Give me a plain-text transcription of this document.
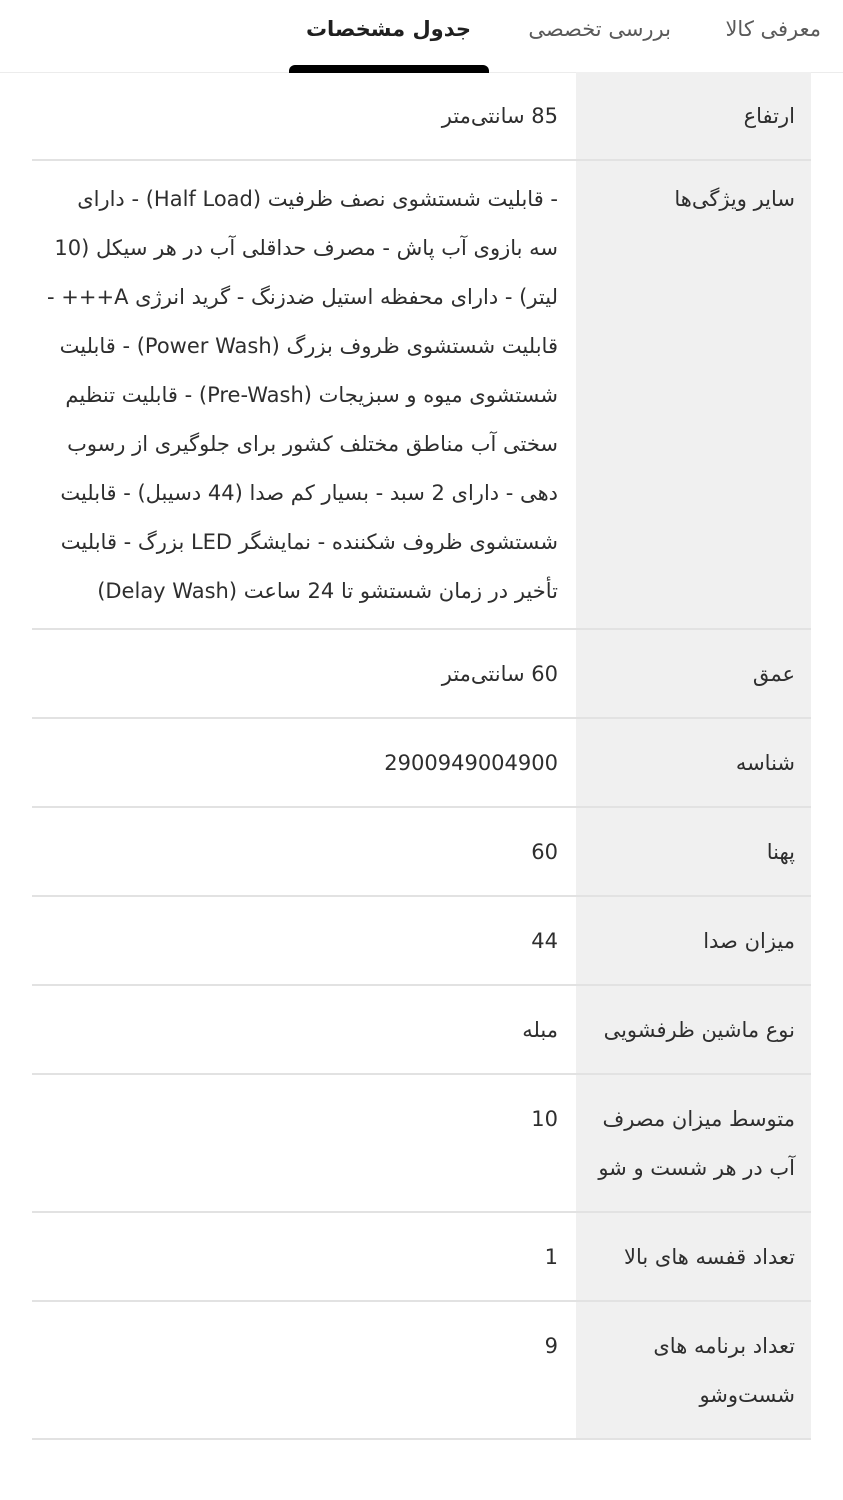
معرفی کالا
بررسی تخصصی
جدول مشخصات
ارتفاع
85 سانتی‌متر
سایر ویژگی‌ها
- قابلیت شستشوی نصف ظرفیت (Half Load) - دارای سه بازوی آب پاش - مصرف حداقلی آب در هر سیکل (10 لیتر) - دارای محفظه استیل ضدزنگ - گرید انرژی A+++ - قابلیت شستشوی ظروف بزرگ (Power Wash) - قابلیت شستشوی میوه و سبزیجات (Pre-Wash) - قابلیت تنظیم سختی آب مناطق مختلف کشور برای جلوگیری از رسوب دهی - دارای 2 سبد - بسیار کم صدا (44 دسیبل) - قابلیت شستشوی ظروف شکننده - نمایشگر LED بزرگ - قابلیت تأخیر در زمان شستشو تا 24 ساعت (Delay Wash)
عمق
60 سانتی‌متر
شناسه
2900949004900
پهنا
60
میزان صدا
44
نوع ماشین ظرفشویی
مبله
متوسط میزان مصرف آب در هر شست و شو
10
تعداد قفسه های بالا
1
تعداد برنامه های شست‌وشو
9
